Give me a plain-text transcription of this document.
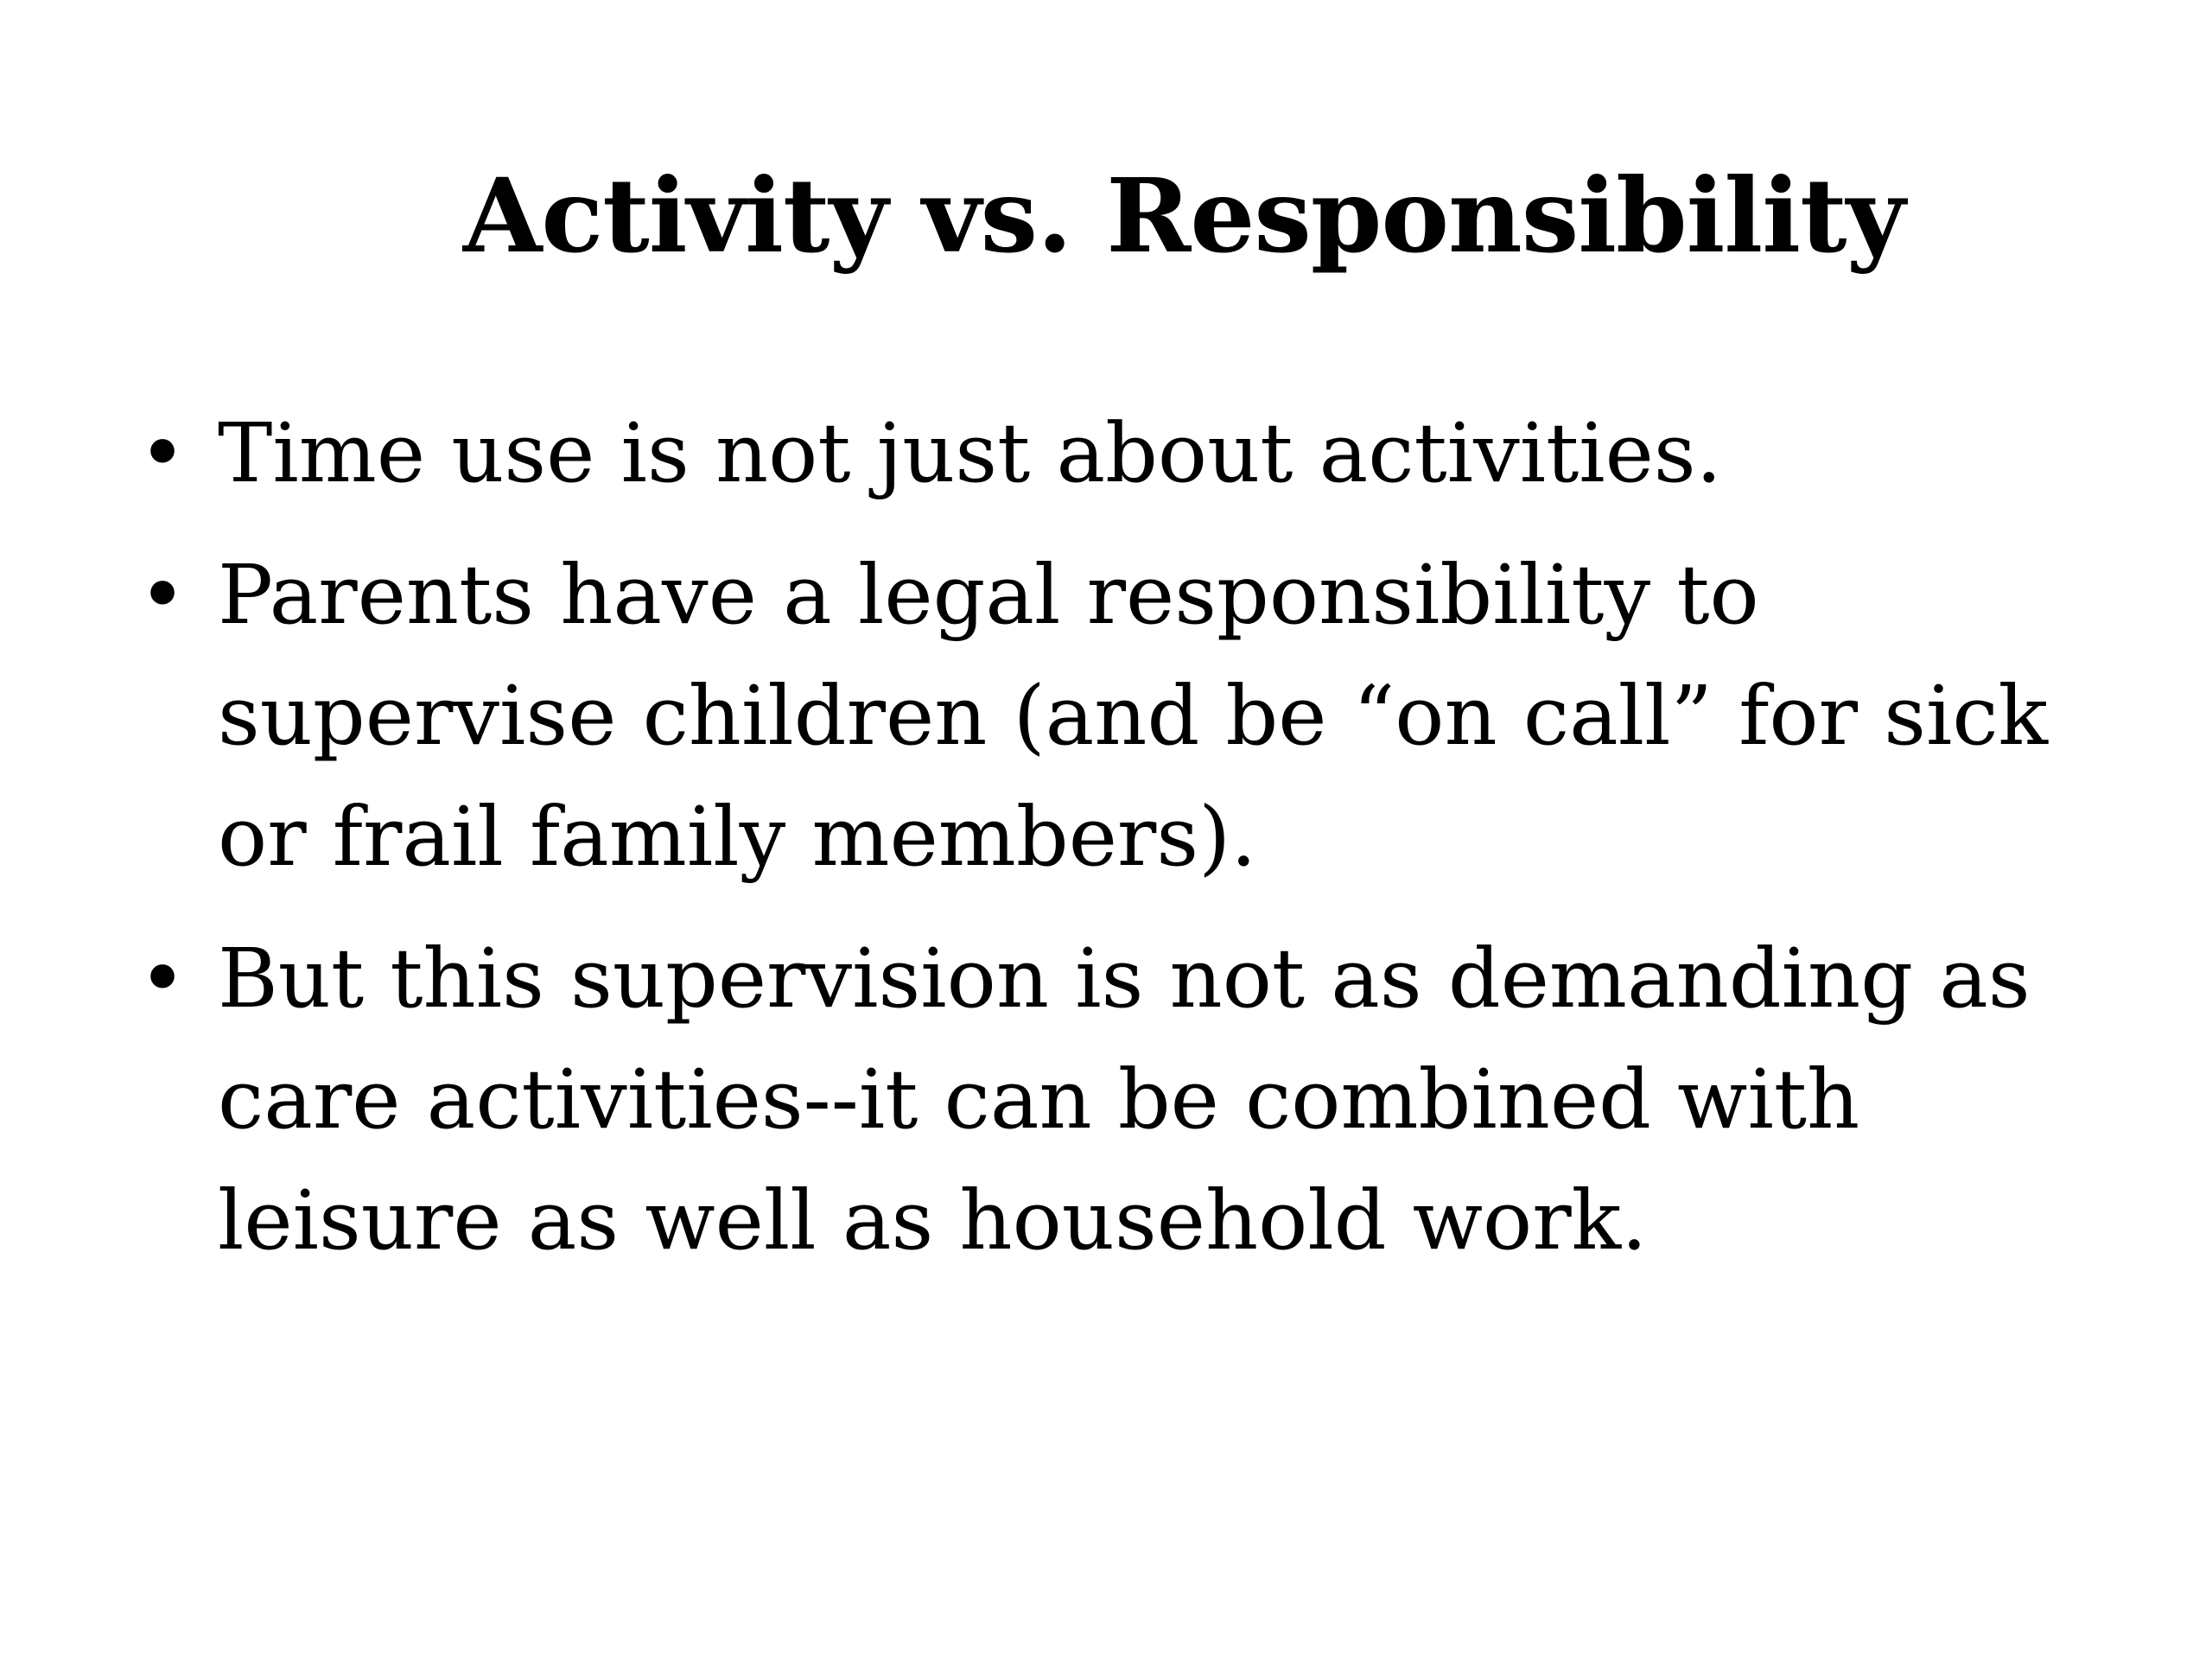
Activity vs. Responsibility
• Time use is not just about activities.
• Parents have a legal responsibility to supervise children (and be “on call” for sick or frail family members).
• But this supervision is not as demanding as care activities--it can be combined with leisure as well as household work.
